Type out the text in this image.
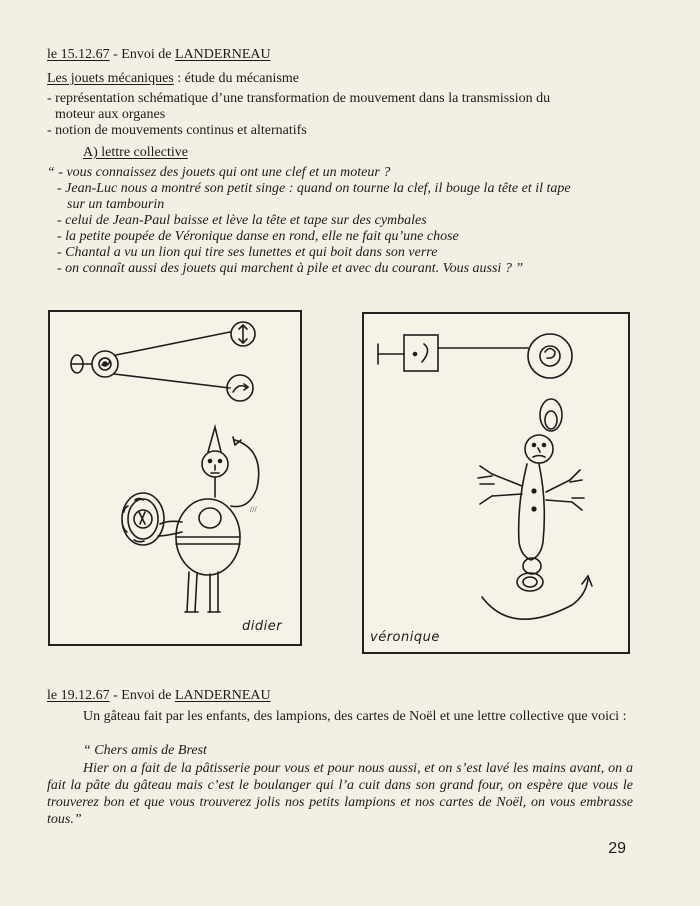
le 15.12.67 - Envoi de LANDERNEAU
Les jouets mécaniques : étude du mécanisme
- représentation schématique d’une transformation de mouvement dans la transmission du
moteur aux organes
- notion de mouvements continus et alternatifs
A) lettre collective
“ - vous connaissez des jouets qui ont une clef et un moteur ?
- Jean-Luc nous a montré son petit singe : quand on tourne la clef, il bouge la tête et il tape
sur un tambourin
- celui de Jean-Paul baisse et lève la tête et tape sur des cymbales
- la petite poupée de Véronique danse en rond, elle ne fait qu’une chose
- Chantal a vu un lion qui tire ses lunettes et qui boit dans son verre
- on connaît aussi des jouets qui marchent à pile et avec du courant. Vous aussi ? ”
///
didier
véronique
le 19.12.67 - Envoi de LANDERNEAU
Un gâteau fait par les enfants, des lampions, des cartes de Noël et une lettre collective que voici :
“ Chers amis de Brest
Hier on a fait de la pâtisserie pour vous et pour nous aussi, et on s’est lavé les mains avant, on a fait la pâte du gâteau mais c’est le boulanger qui l’a cuit dans son grand four, on espère que vous le trouverez bon et que vous trouverez jolis nos petits lampions et nos cartes de Noël, on vous embrasse tous.”
29
